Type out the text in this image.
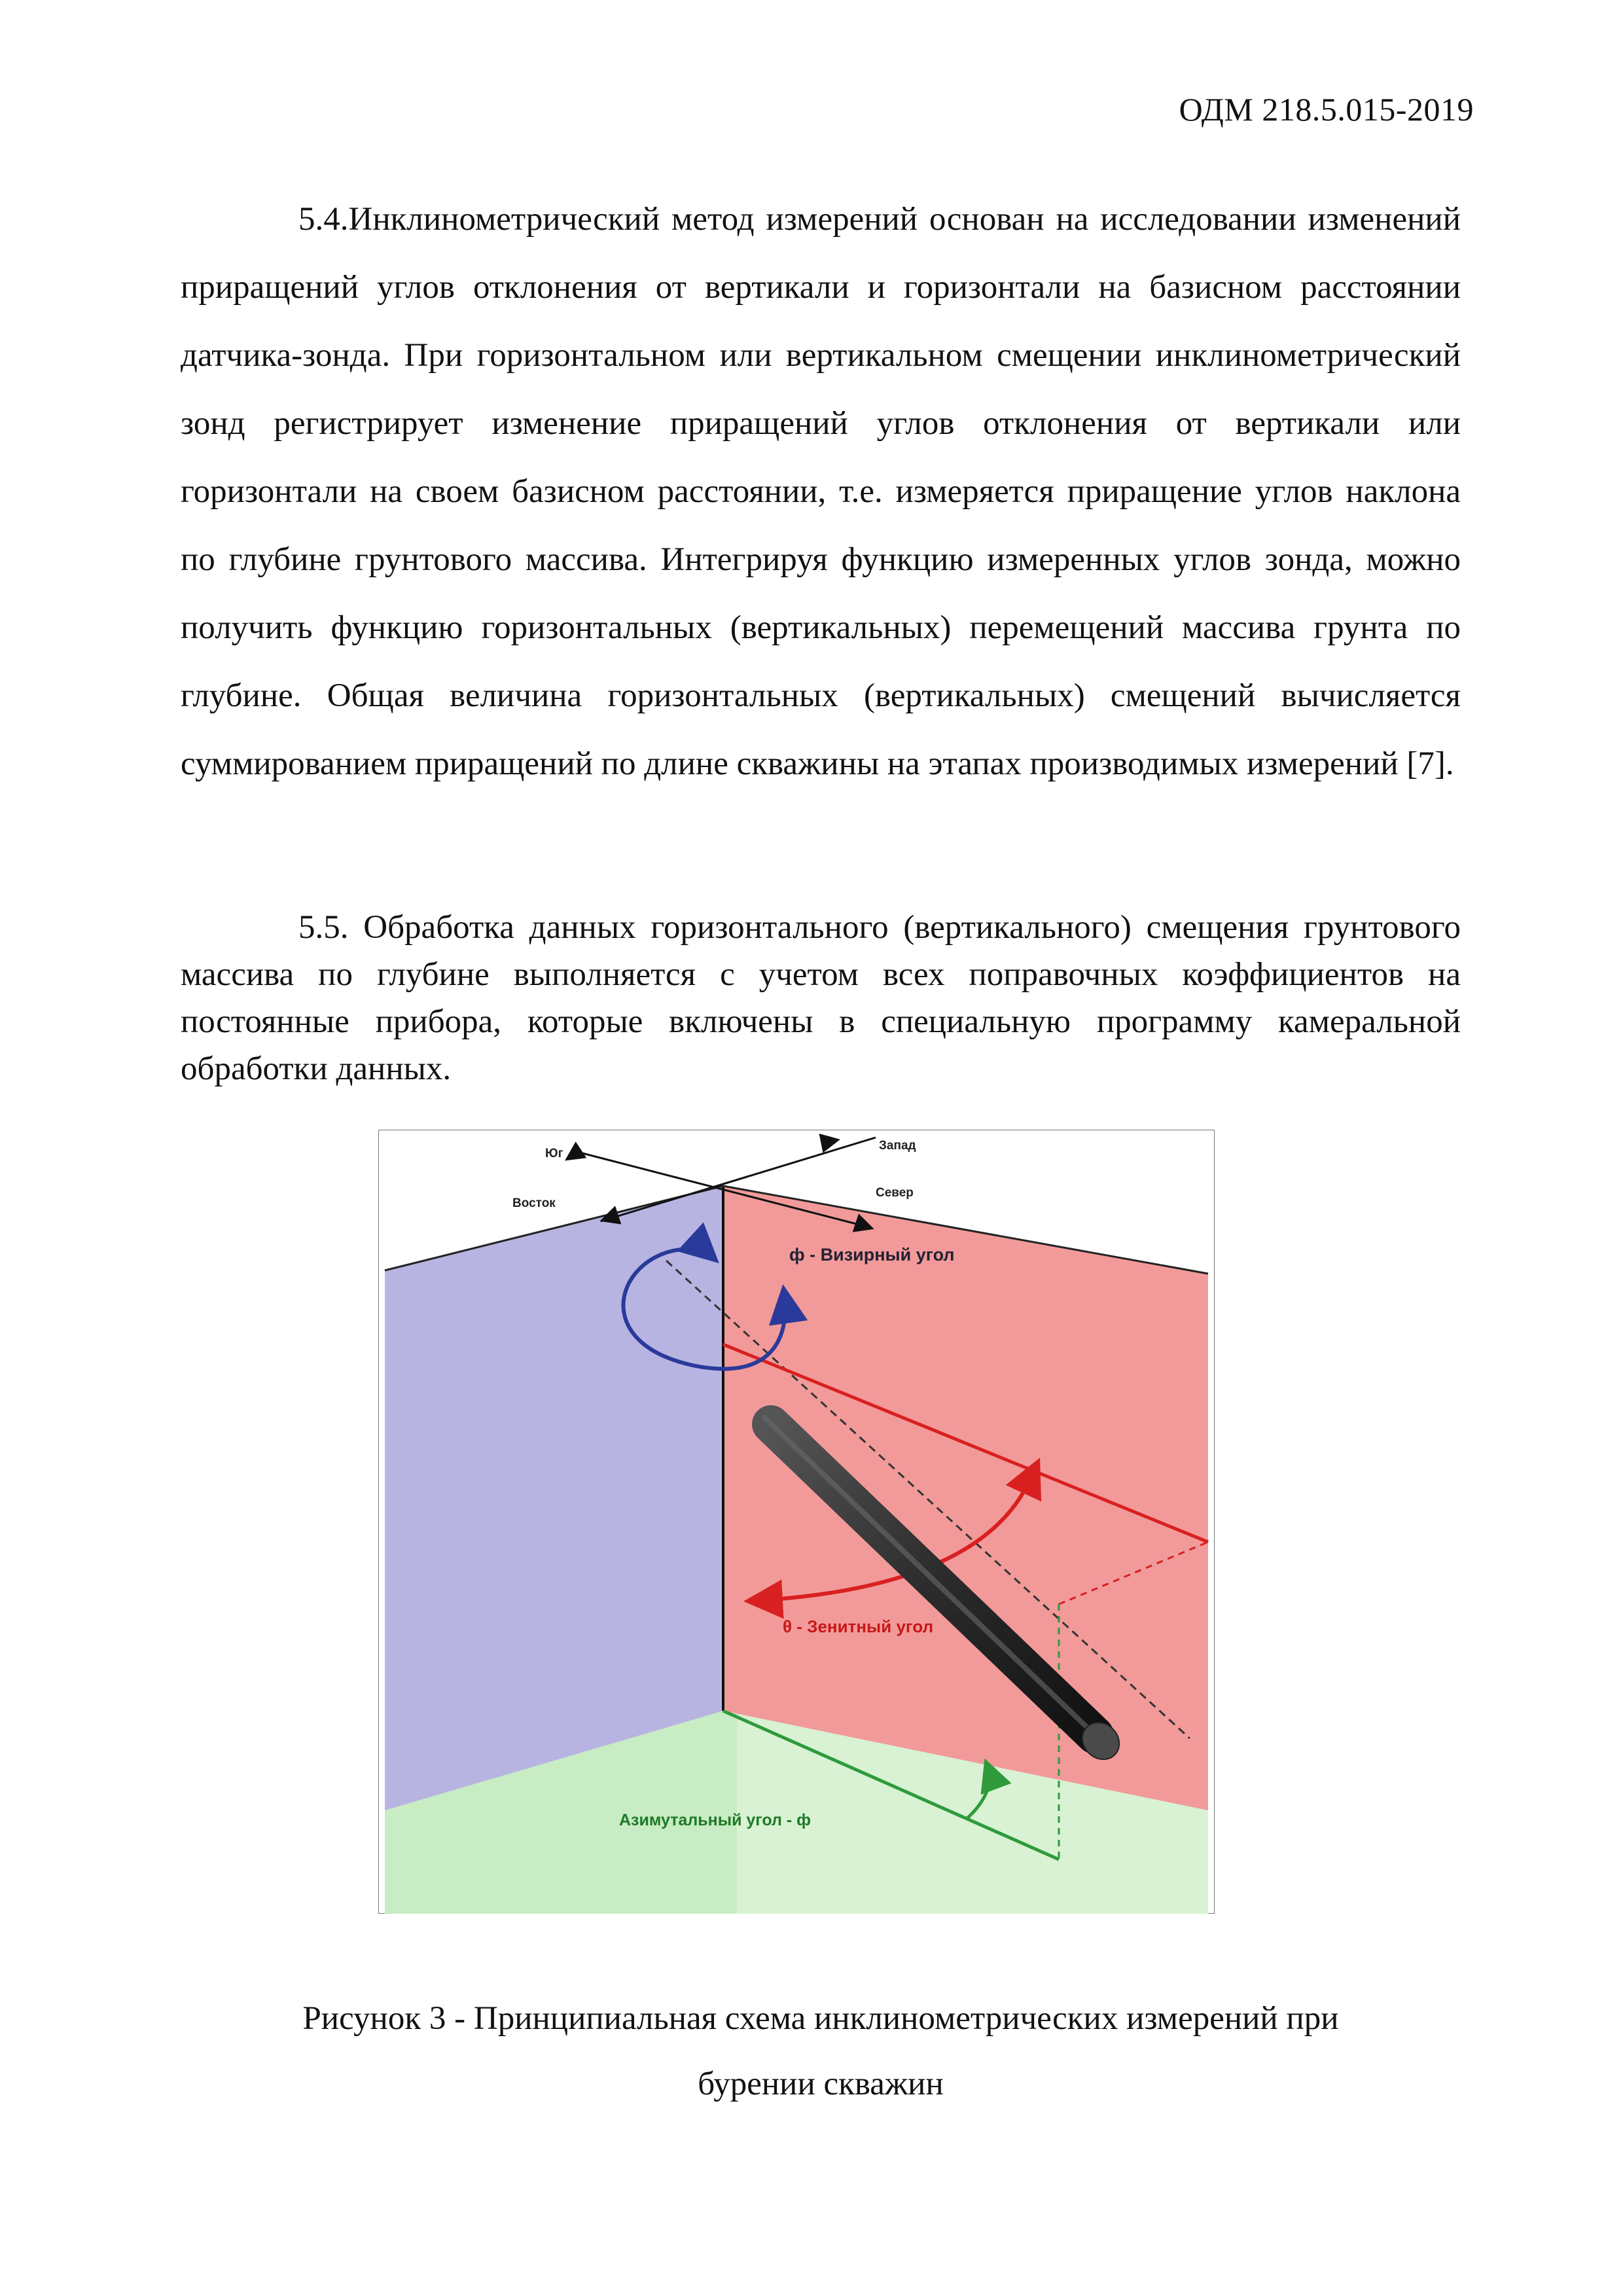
ОДМ 218.5.015-2019

5.4.Инклинометрический метод измерений основан на исследовании изменений приращений углов отклонения от вертикали и горизонтали на базисном расстоянии датчика-зонда. При горизонтальном или вертикальном смещении инклинометрический зонд регистрирует изменение приращений углов отклонения от вертикали или горизонтали на своем базисном расстоянии, т.е. измеряется приращение углов наклона по глубине грунтового массива. Интегрируя функцию измеренных углов зонда, можно получить функцию горизонтальных (вертикальных) перемещений массива грунта по глубине. Общая величина горизонтальных (вертикальных) смещений вычисляется суммированием приращений по длине скважины на этапах производимых измерений [7].

5.5. Обработка данных горизонтального (вертикального) смещения грунтового массива по глубине выполняется с учетом всех поправочных коэффициентов на постоянные прибора, которые включены в специальную программу камеральной обработки данных.

Юг
Запад
Восток
Север
θ - Зенитный угол
Азимутальный угол - ф
ф - Визирный угол
Рисунок 3 - Принципиальная схема инклинометрических измерений при
бурении скважин
